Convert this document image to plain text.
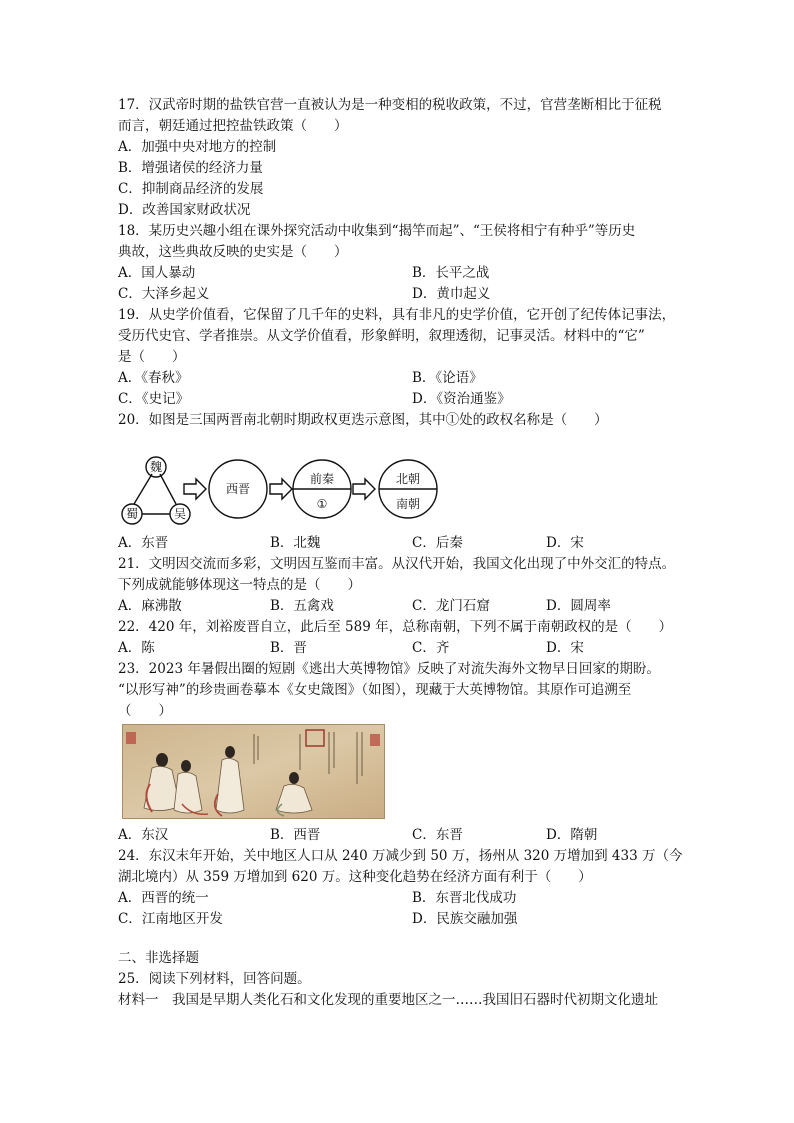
17．汉武帝时期的盐铁官营一直被认为是一种变相的税收政策，不过，官营垄断相比于征税
而言，朝廷通过把控盐铁政策（　　）
A．加强中央对地方的控制
B．增强诸侯的经济力量
C．抑制商品经济的发展
D．改善国家财政状况
18．某历史兴趣小组在课外探究活动中收集到“揭竿而起”、“王侯将相宁有种乎”等历史
典故，这些典故反映的史实是（　　）
A．国人暴动	B．长平之战
C．大泽乡起义	D．黄巾起义
19．从史学价值看，它保留了几千年的史料，具有非凡的史学价值，它开创了纪传体记事法，
受历代史官、学者推崇。从文学价值看，形象鲜明，叙理透彻，记事灵活。材料中的“它”
是（　　）
A．《春秋》	B．《论语》
C．《史记》	D．《资治通鉴》
20．如图是三国两晋南北朝时期政权更迭示意图，其中①处的政权名称是（　　）
魏
蜀	吴
西晋
前秦
①
北朝
南朝
A．东晋	B．北魏	C．后秦	D．宋
21．文明因交流而多彩，文明因互鉴而丰富。从汉代开始，我国文化出现了中外交汇的特点。
下列成就能够体现这一特点的是（　　）
A．麻沸散	B．五禽戏	C．龙门石窟	D．圆周率
22．420 年，刘裕废晋自立，此后至 589 年，总称南朝，下列不属于南朝政权的是（　　）
A．陈	B．晋	C．齐	D．宋
23．2023 年暑假出圈的短剧《逃出大英博物馆》反映了对流失海外文物早日回家的期盼。
“以形写神”的珍贵画卷摹本《女史箴图》（如图），现藏于大英博物馆。其原作可追溯至
（　　）
A．东汉	B．西晋	C．东晋	D．隋朝
24．东汉末年开始，关中地区人口从 240 万减少到 50 万，扬州从 320 万增加到 433 万（今
湖北境内）从 359 万增加到 620 万。这种变化趋势在经济方面有利于（　　）
A．西晋的统一	B．东晋北伐成功
C．江南地区开发	D．民族交融加强
二、非选择题
25．阅读下列材料，回答问题。
材料一　我国是早期人类化石和文化发现的重要地区之一……我国旧石器时代初期文化遗址
